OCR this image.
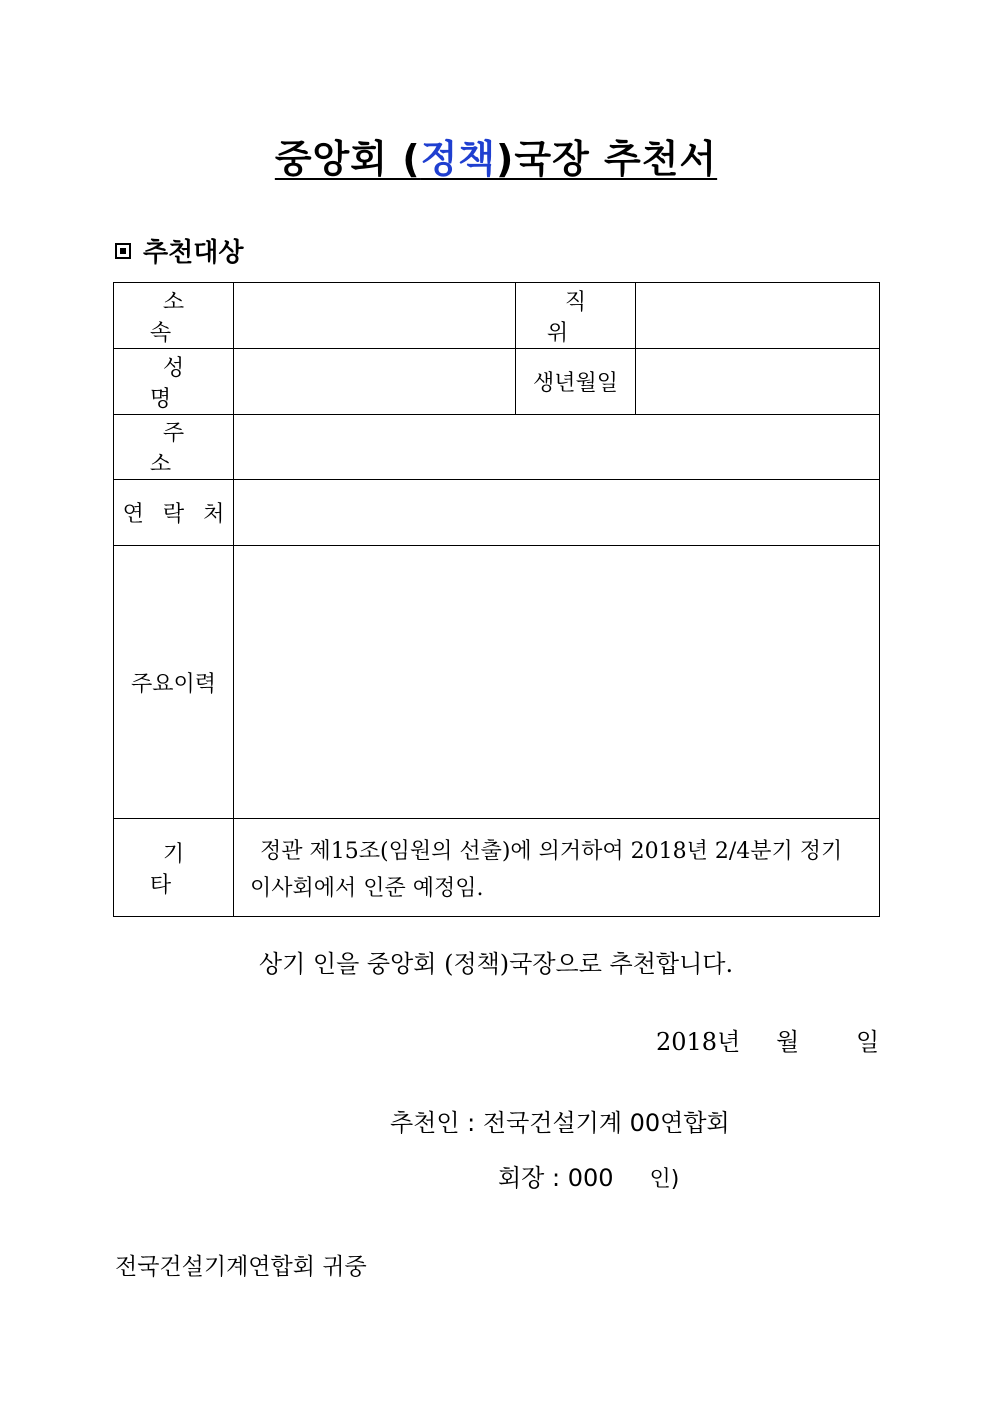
중앙회 (정책)국장 추천서
추천대상
소 속		직 위	
성 명		생년월일	
주 소			
연 락 처			
주요이력			
기 타	정관 제15조(임원의 선출)에 의거하여 2018년 2/4분기 정기
이사회에서 인준 예정임.		
상기 인을 중앙회 (정책)국장으로 추천합니다.
2018년 월 일
추천인 : 전국건설기계 00연합회
회장 : 000 인)
전국건설기계연합회 귀중
